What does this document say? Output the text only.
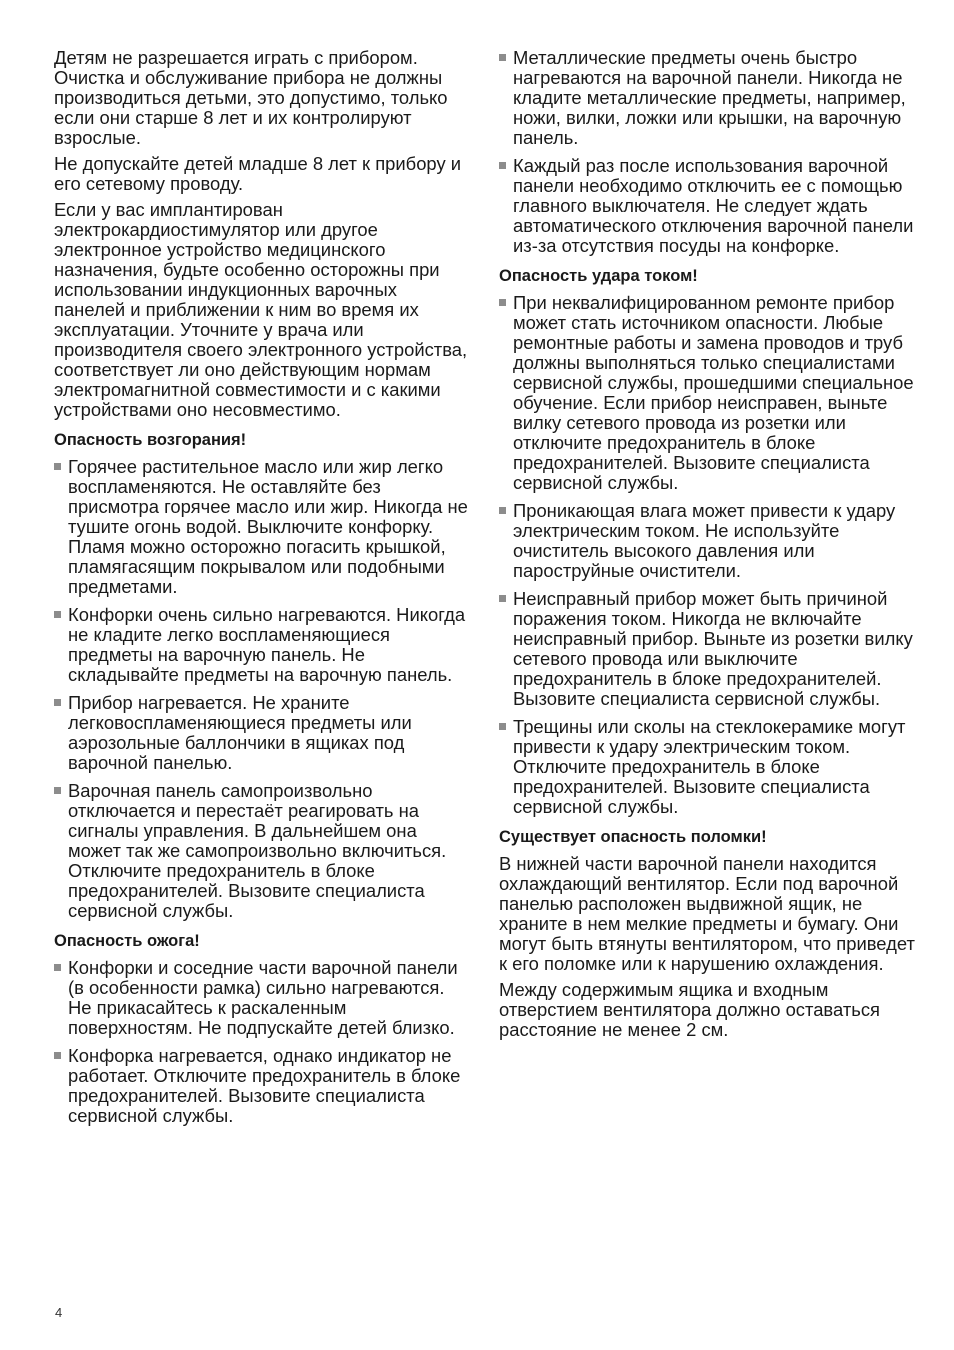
Детям не разрешается играть с прибором. Очистка и обслуживание прибора не должны производиться детьми, это допустимо, только если они старше 8 лет и их контролируют взрослые.

Не допускайте детей младше 8 лет к прибору и его сетевому проводу.

Если у вас имплантирован электрокардиостимулятор или другое электронное устройство медицинского назначения, будьте особенно осторожны при использовании индукционных варочных панелей и приближении к ним во время их эксплуатации. Уточните у врача или производителя своего электронного устройства, соответствует ли оно действующим нормам электромагнитной совместимости и с какими устройствами оно несовместимо.

Опасность возгорания!
Горячее растительное масло или жир легко воспламеняются. Не оставляйте без присмотра горячее масло или жир. Никогда не тушите огонь водой. Выключите конфорку. Пламя можно осторожно погасить крышкой, пламягасящим покрывалом или подобными предметами.
Конфорки очень сильно нагреваются. Никогда не кладите легко воспламеняющиеся предметы на варочную панель. Не складывайте предметы на варочную панель.
Прибор нагревается. Не храните легковоспламеняющиеся предметы или аэрозольные баллончики в ящиках под варочной панелью.
Варочная панель самопроизвольно отключается и перестаёт реагировать на сигналы управления. В дальнейшем она может так же самопроизвольно включиться. Отключите предохранитель в блоке предохранителей. Вызовите специалиста сервисной службы.
Опасность ожога!
Конфорки и соседние части варочной панели (в особенности рамка) сильно нагреваются. Не прикасайтесь к раскаленным поверхностям. Не подпускайте детей близко.
Конфорка нагревается, однако индикатор не работает. Отключите предохранитель в блоке предохранителей. Вызовите специалиста сервисной службы.
Металлические предметы очень быстро нагреваются на варочной панели. Никогда не кладите металлические предметы, например, ножи, вилки, ложки или крышки, на варочную панель.
Каждый раз после использования варочной панели необходимо отключить ее с помощью главного выключателя. Не следует ждать автоматического отключения варочной панели из-за отсутствия посуды на конфорке.
Опасность удара током!
При неквалифицированном ремонте прибор может стать источником опасности. Любые ремонтные работы и замена проводов и труб должны выполняться только специалистами сервисной службы, прошедшими специальное обучение. Если прибор неисправен, выньте вилку сетевого провода из розетки или отключите предохранитель в блоке предохранителей. Вызовите специалиста сервисной службы.
Проникающая влага может привести к удару электрическим током. Не используйте очиститель высокого давления или пароструйные очистители.
Неисправный прибор может быть причиной поражения током. Никогда не включайте неисправный прибор. Выньте из розетки вилку сетевого провода или выключите предохранитель в блоке предохранителей. Вызовите специалиста сервисной службы.
Трещины или сколы на стеклокерамике могут привести к удару электрическим током. Отключите предохранитель в блоке предохранителей. Вызовите специалиста сервисной службы.
Существует опасность поломки!

В нижней части варочной панели находится охлаждающий вентилятор. Если под варочной панелью расположен выдвижной ящик, не храните в нем мелкие предметы и бумагу. Они могут быть втянуты вентилятором, что приведет к его поломке или к нарушению охлаждения.

Между содержимым ящика и входным отверстием вентилятора должно оставаться расстояние не менее 2 см.

4
